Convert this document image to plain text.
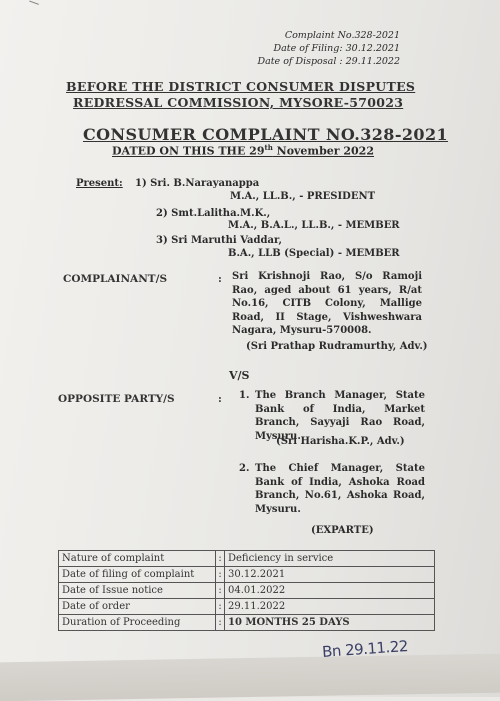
Complaint No.328-2021
Date of Filing: 30.12.2021
Date of Disposal : 29.11.2022
BEFORE THE DISTRICT CONSUMER DISPUTES
REDRESSAL COMMISSION, MYSORE-570023
CONSUMER COMPLAINT NO.328-2021
DATED ON THIS THE 29th November 2022
Present: 1) Sri. B.Narayanappa
M.A., LL.B., - PRESIDENT
2) Smt.Lalitha.M.K.,
M.A., B.A.L., LL.B., - MEMBER
3) Sri Maruthi Vaddar,
B.A., LLB (Special) - MEMBER
COMPLAINANT/S	: Sri Krishnoji Rao, S/o Ramoji Rao, aged about 61 years, R/at No.16, CITB Colony, Mallige Road, II Stage, Vishweshwara Nagara, Mysuru-570008.
(Sri Prathap Rudramurthy, Adv.)
V/S
OPPOSITE PARTY/S	: 1. The Branch Manager, State Bank of India, Market Branch, Sayyaji Rao Road, Mysuru.
(Sri Harisha.K.P., Adv.)
2. The Chief Manager, State Bank of India, Ashoka Road Branch, No.61, Ashoka Road, Mysuru.
(EXPARTE)
Nature of complaint	:	Deficiency in service
Date of filing of complaint	:	30.12.2021
Date of Issue notice	:	04.01.2022
Date of order	:	29.11.2022
Duration of Proceeding	:	10 MONTHS 25 DAYS
Bn 29.11.22
